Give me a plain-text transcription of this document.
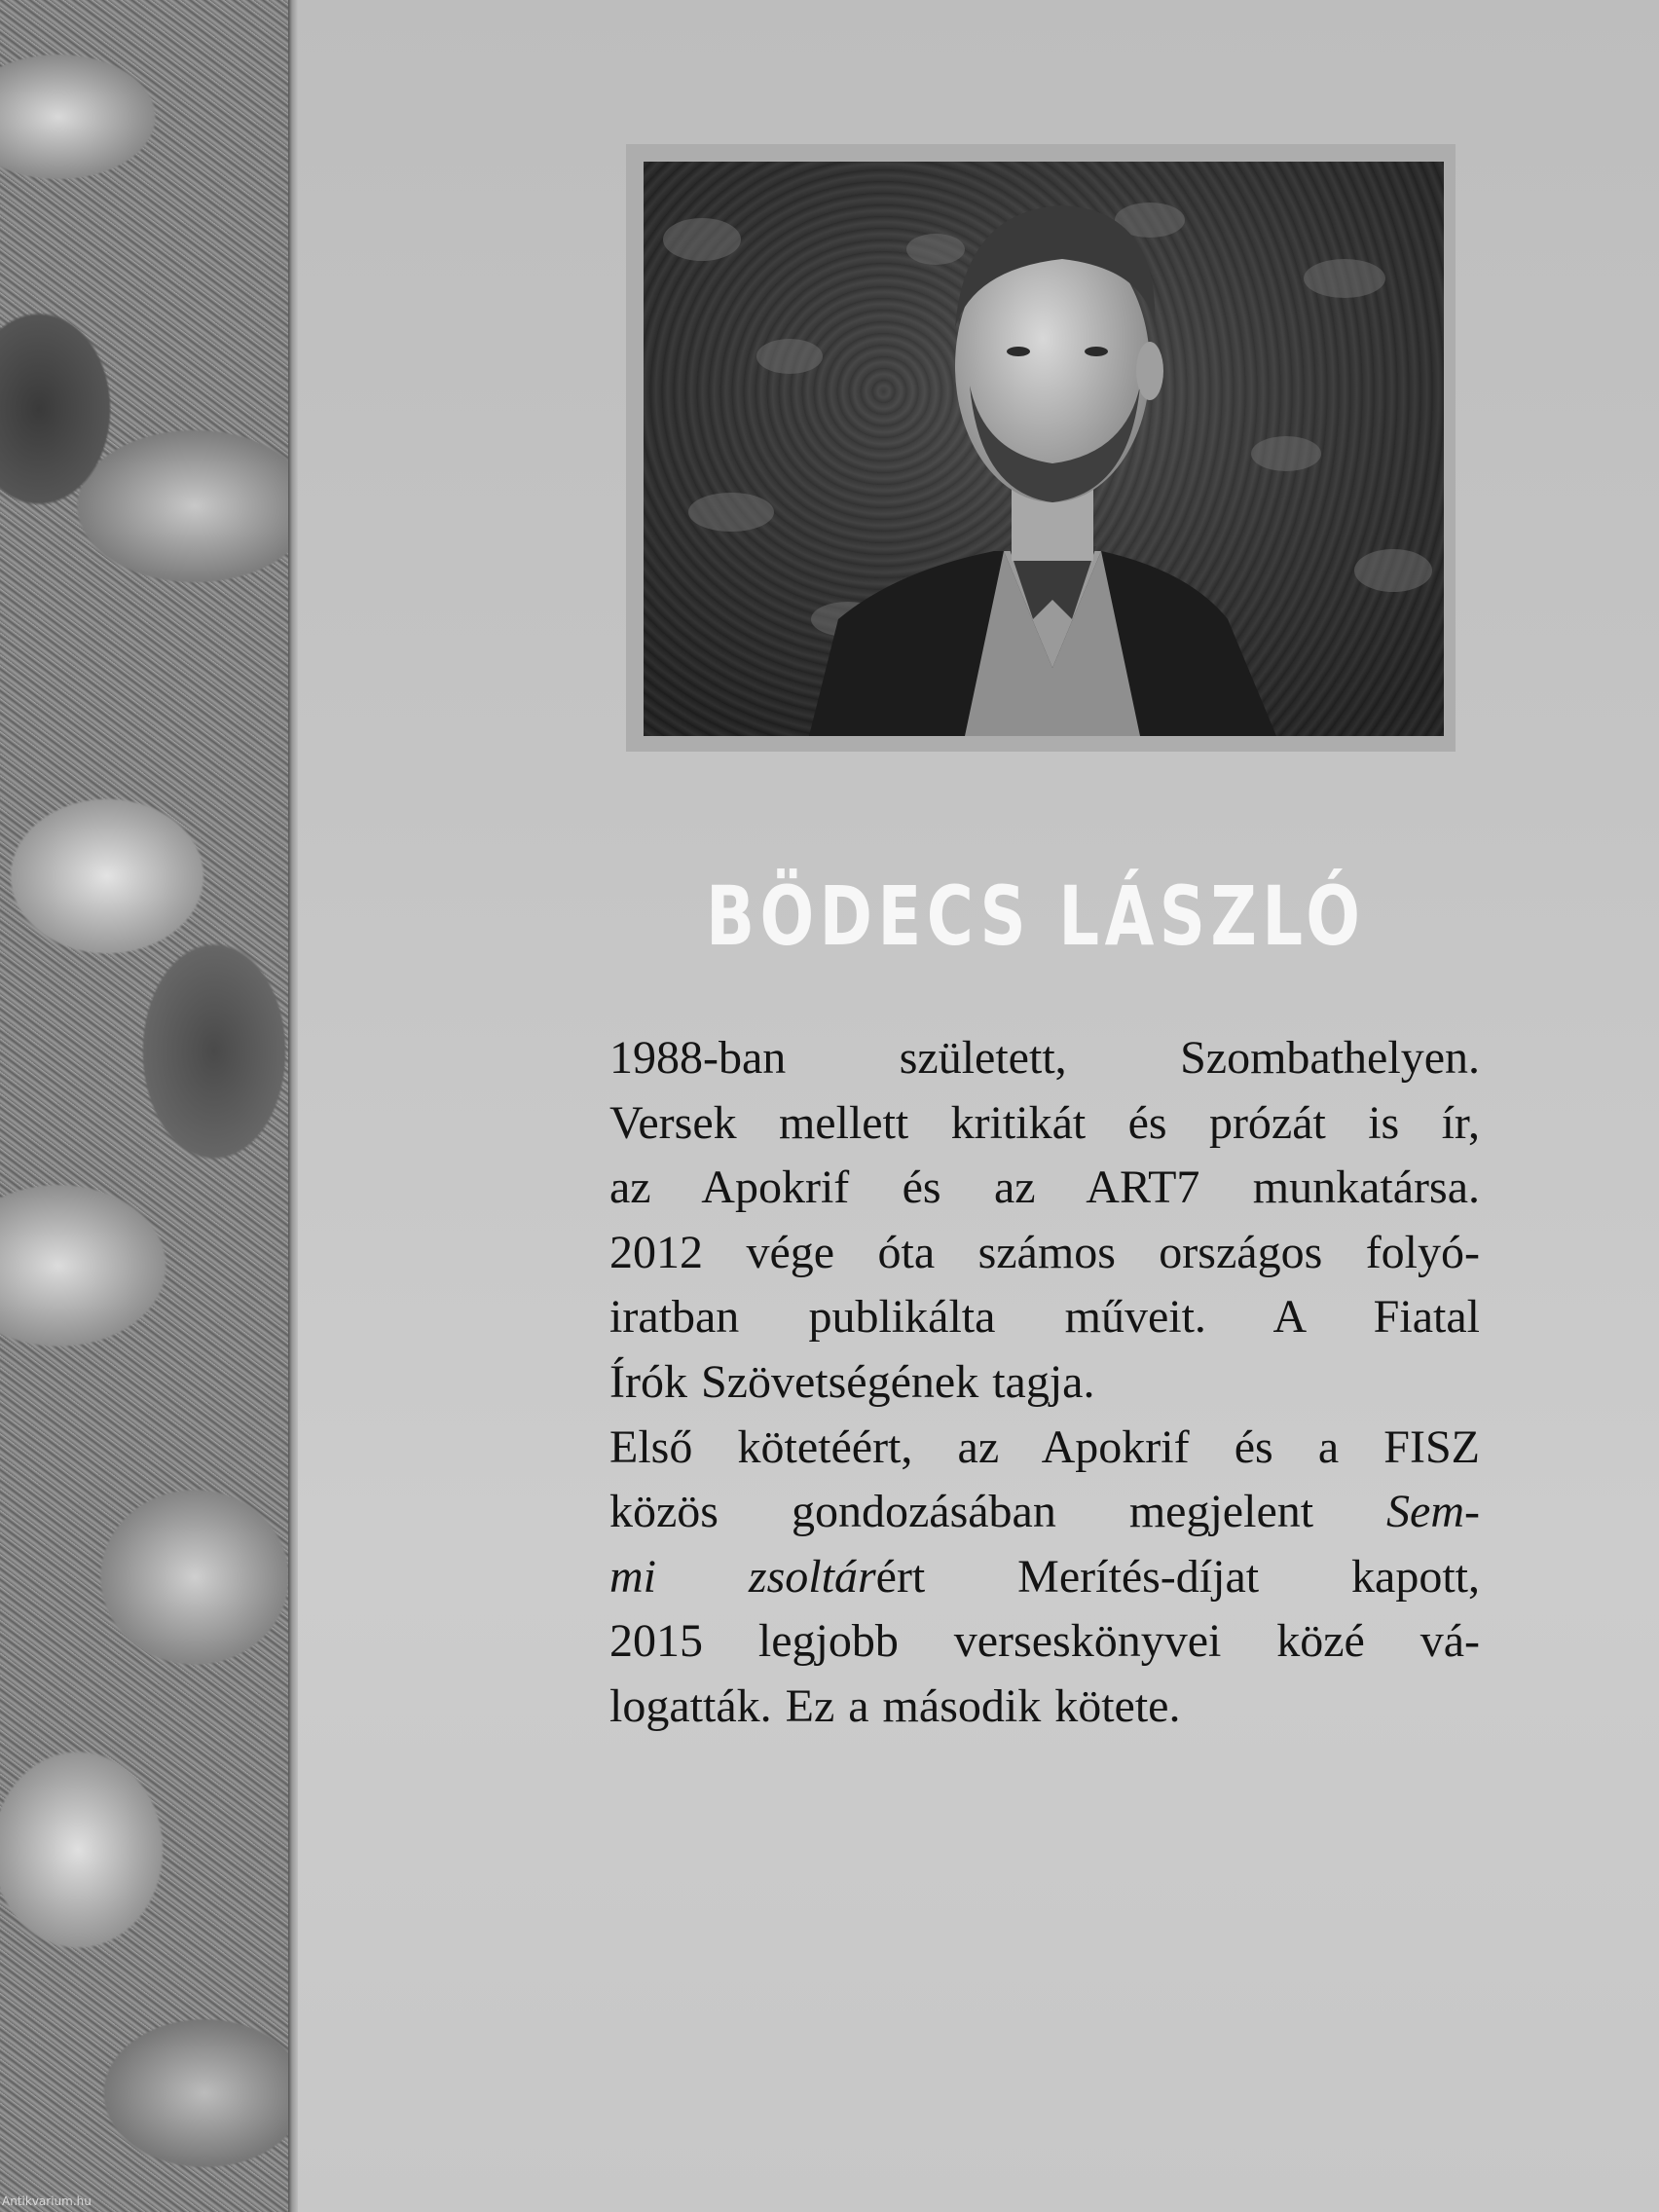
BÖDECS LÁSZLÓ
1988-ban született, Szombathelyen.
Versek mellett kritikát és prózát is ír,
az Apokrif és az ART7 munkatársa.
2012 vége óta számos országos folyó-
iratban publikálta műveit. A Fiatal
Írók Szövetségének tagja.
Első kötetéért, az Apokrif és a FISZ
közös gondozásában megjelent Sem-
mi zsoltárért Merítés-díjat kapott,
2015 legjobb verseskönyvei közé vá-
logatták. Ez a második kötete.
Antikvarium.hu
